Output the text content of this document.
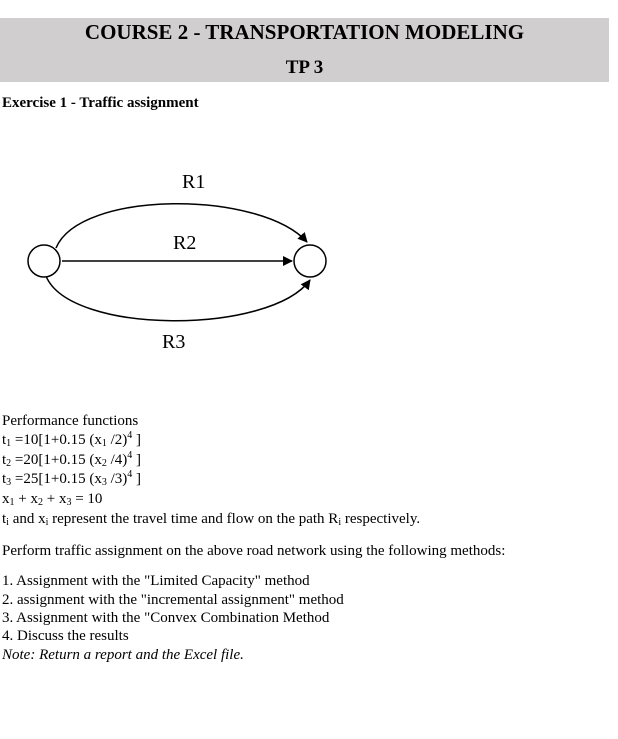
COURSE 2 - TRANSPORTATION MODELING
TP 3
Exercise 1 - Traffic assignment
R1
R2
R3
Performance functions
$t_1 =10[1+0.15$ ($x_1$ /2)$^4$ ]
$t_2 =20[1+0.15$ ($x_2$ /4)$^4$ ]
$t_3 =25[1+0.15$ ($x_3$ /3)$^4$ ]
$x_1 + x_2 + x_3 = 10$
$t_i$ and $x_i$ represent the travel time and flow on the path $R_i$ respectively.
Perform traffic assignment on the above road network using the following methods:
1. Assignment with the "Limited Capacity" method
2. assignment with the "incremental assignment" method
3. Assignment with the "Convex Combination Method
4. Discuss the results
Note: Return a report and the Excel file.
